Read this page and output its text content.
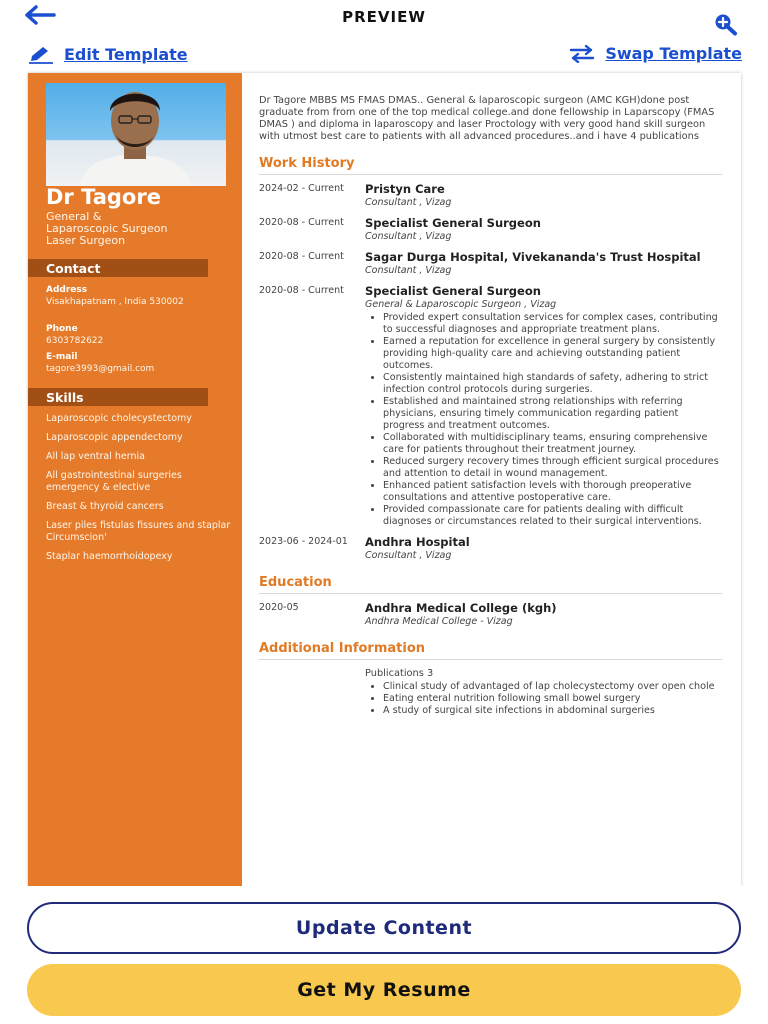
PREVIEW
Edit Template	Swap Template
Dr Tagore
General &
Laparoscopic Surgeon
Laser Surgeon
Contact
Address
Visakhapatnam , India 530002
Phone
6303782622
E-mail
tagore3993@gmail.com
Skills
Laparoscopic cholecystectomy
Laparoscopic appendectomy
All lap ventral hernia
All gastrointestinal surgeries emergency & elective
Breast & thyroid cancers
Laser piles fistulas fissures and staplar Circumscion'
Staplar haemorrhoidopexy
Dr Tagore MBBS MS FMAS DMAS.. General & laparoscopic surgeon (AMC KGH)done post graduate from from one of the top medical college.and done fellowship in Laparscopy (FMAS DMAS ) and diploma in laparoscopy and laser Proctology with very good hand skill surgeon with utmost best care to patients with all advanced procedures..and i have 4 publications
Work History
2024-02 - Current	Pristyn Care
Consultant , Vizag
2020-08 - Current	Specialist General Surgeon
Consultant , Vizag
2020-08 - Current	Sagar Durga Hospital, Vivekananda's Trust Hospital
Consultant , Vizag
2020-08 - Current	Specialist General Surgeon
General & Laparoscopic Surgeon , Vizag
• Provided expert consultation services for complex cases, contributing to successful diagnoses and appropriate treatment plans.
• Earned a reputation for excellence in general surgery by consistently providing high-quality care and achieving outstanding patient outcomes.
• Consistently maintained high standards of safety, adhering to strict infection control protocols during surgeries.
• Established and maintained strong relationships with referring physicians, ensuring timely communication regarding patient progress and treatment outcomes.
• Collaborated with multidisciplinary teams, ensuring comprehensive care for patients throughout their treatment journey.
• Reduced surgery recovery times through efficient surgical procedures and attention to detail in wound management.
• Enhanced patient satisfaction levels with thorough preoperative consultations and attentive postoperative care.
• Provided compassionate care for patients dealing with difficult diagnoses or circumstances related to their surgical interventions.
2023-06 - 2024-01	Andhra Hospital
Consultant , Vizag
Education
2020-05	Andhra Medical College (kgh)
Andhra Medical College - Vizag
Additional Information
Publications 3
• Clinical study of advantaged of lap cholecystectomy over open chole
• Eating enteral nutrition following small bowel surgery
• A study of surgical site infections in abdominal surgeries
Update Content
Get My Resume
